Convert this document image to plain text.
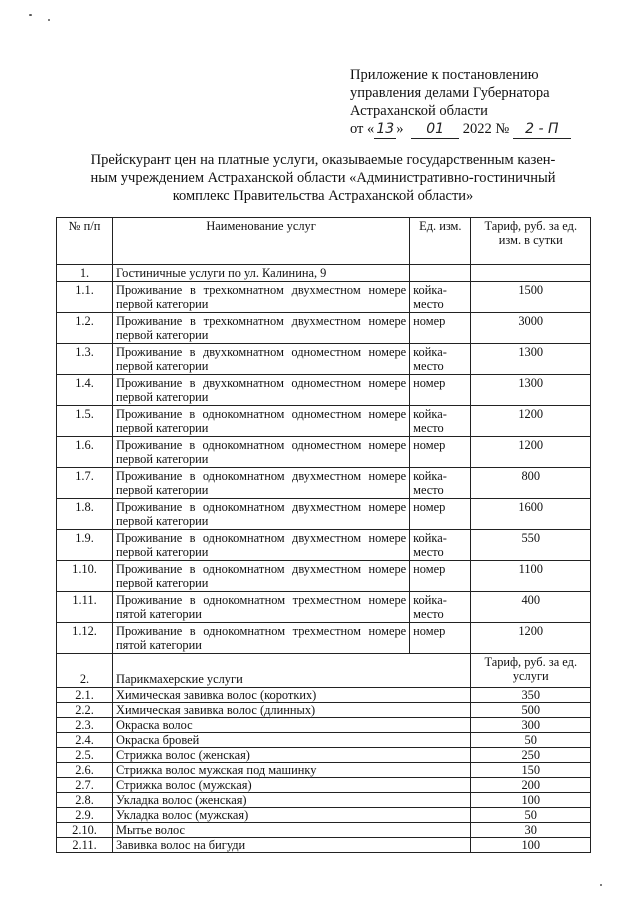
Приложение к постановлению
управления делами Губернатора
Астраханской области
от « 13 » 01 2022 № 2 - П
Прейскурант цен на платные услуги, оказываемые государственным казен-
ным учреждением Астраханской области «Административно-гостиничный
комплекс Правительства Астраханской области»
№ п/п	Наименование услуг	Ед. изм.	Тариф, руб. за ед. изм. в сутки
1.	Гостиничные услуги по ул. Калинина, 9		
1.1.	Проживание в трехкомнатном двухместном номере первой категории	койка-место	1500
1.2.	Проживание в трехкомнатном двухместном номере первой категории	номер	3000
1.3.	Проживание в двухкомнатном одноместном номере первой категории	койка-место	1300
1.4.	Проживание в двухкомнатном одноместном номере первой категории	номер	1300
1.5.	Проживание в однокомнатном одноместном номере первой категории	койка-место	1200
1.6.	Проживание в однокомнатном одноместном номере первой категории	номер	1200
1.7.	Проживание в однокомнатном двухместном номере первой категории	койка-место	800
1.8.	Проживание в однокомнатном двухместном номере первой категории	номер	1600
1.9.	Проживание в однокомнатном двухместном номере первой категории	койка-место	550
1.10.	Проживание в однокомнатном двухместном номере первой категории	номер	1100
1.11.	Проживание в однокомнатном трехместном номере пятой категории	койка-место	400
1.12.	Проживание в однокомнатном трехместном номере пятой категории	номер	1200
2.	Парикмахерские услуги		Тариф, руб. за ед. услуги
2.1.	Химическая завивка волос (коротких)		350
2.2.	Химическая завивка волос (длинных)		500
2.3.	Окраска волос		300
2.4.	Окраска бровей		50
2.5.	Стрижка волос (женская)		250
2.6.	Стрижка волос мужская под машинку		150
2.7.	Стрижка волос (мужская)		200
2.8.	Укладка волос (женская)		100
2.9.	Укладка волос (мужская)		50
2.10.	Мытье волос		30
2.11.	Завивка волос на бигуди		100
